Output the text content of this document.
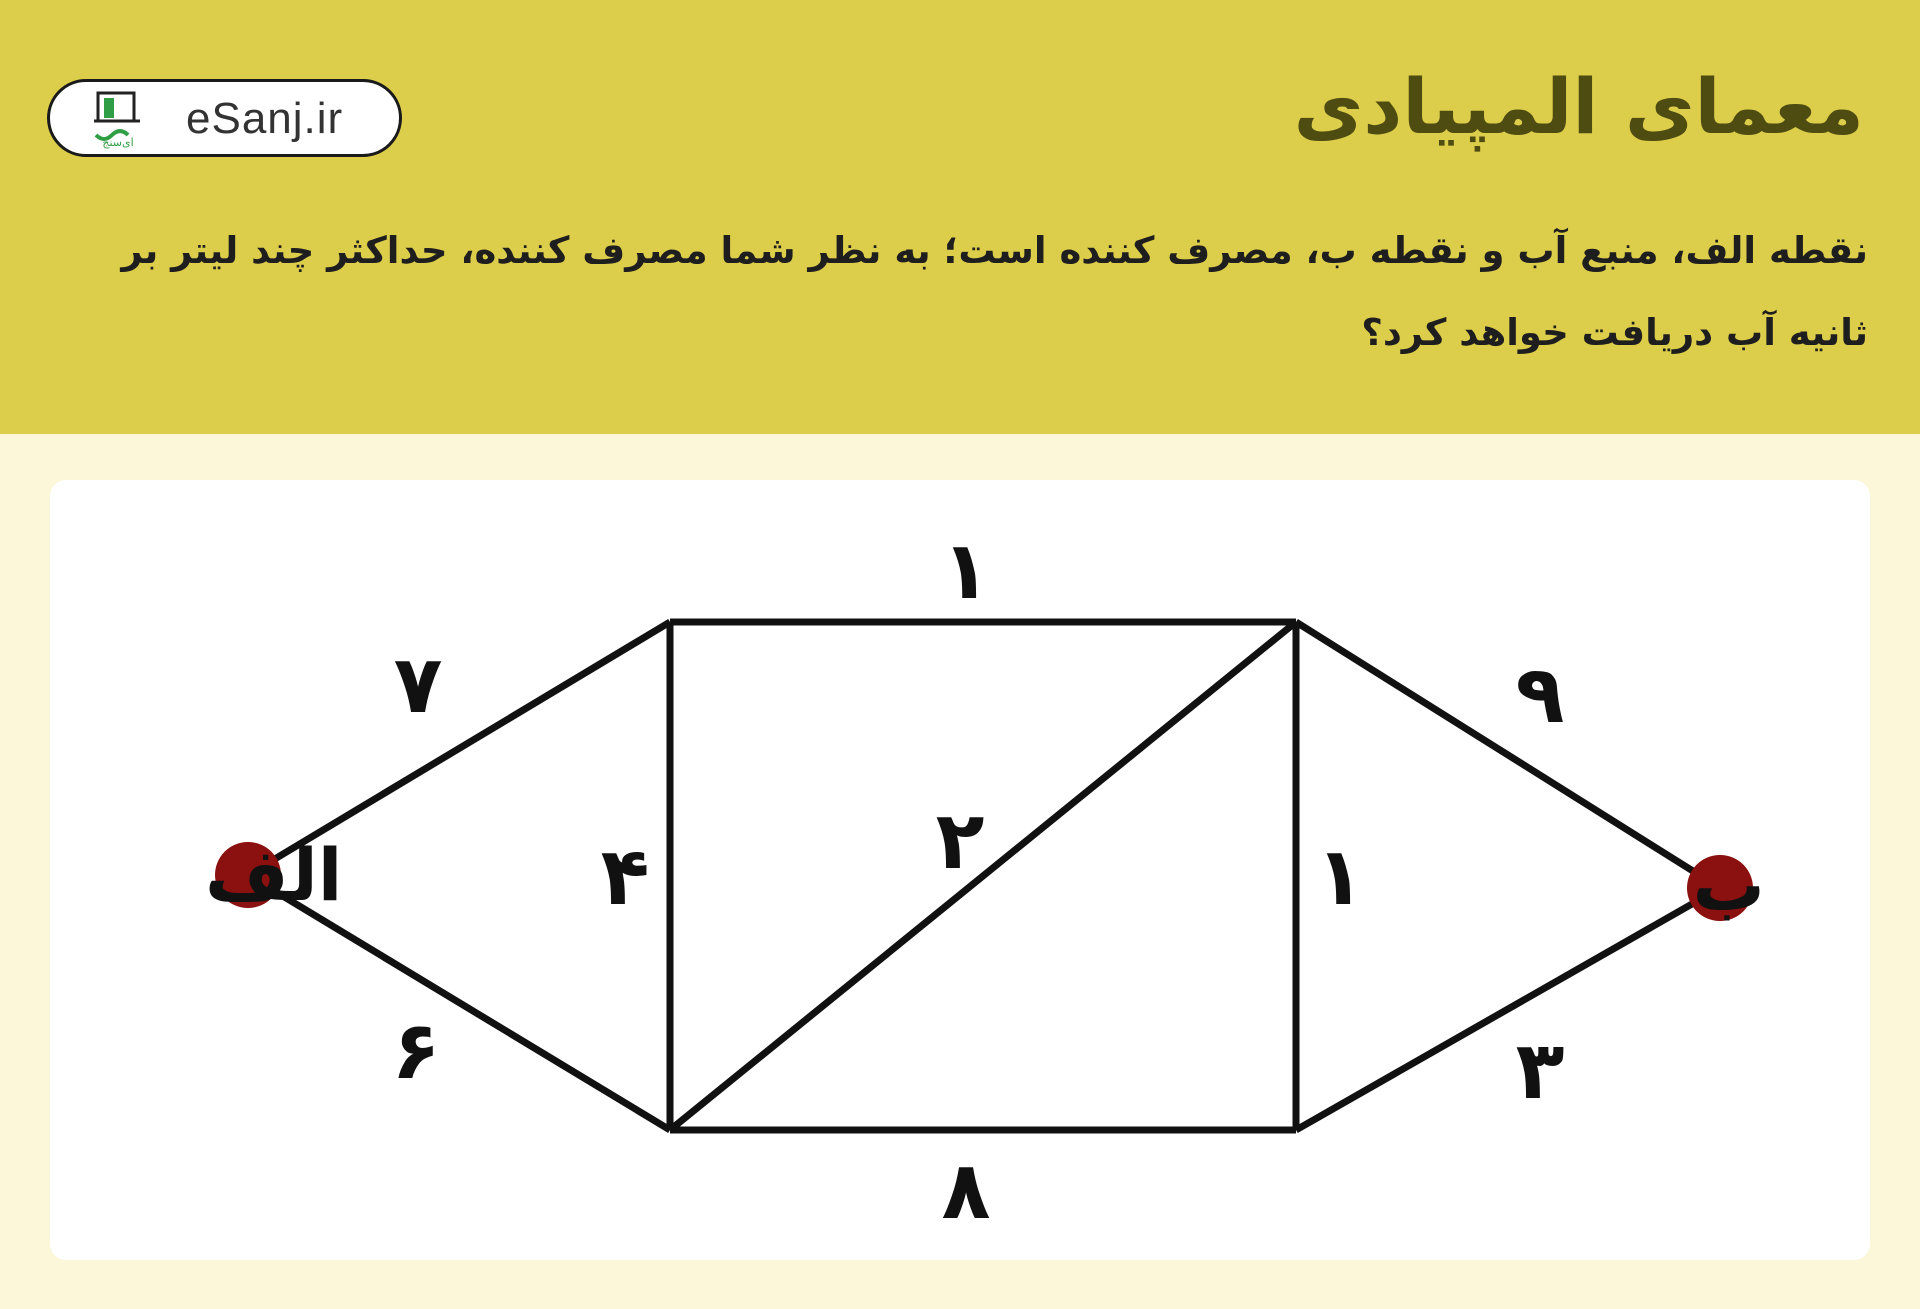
معمای المپیادی

نقطه الف، منبع آب و نقطه ب، مصرف کننده است؛ به نظر شما مصرف کننده، حداکثر چند لیتر بر ثانیه آب دریافت خواهد کرد؟

ای‌سنج eSanj.ir
۷
۶
۱
۸
۴	۲	۱
۹
۳
الف	ب
